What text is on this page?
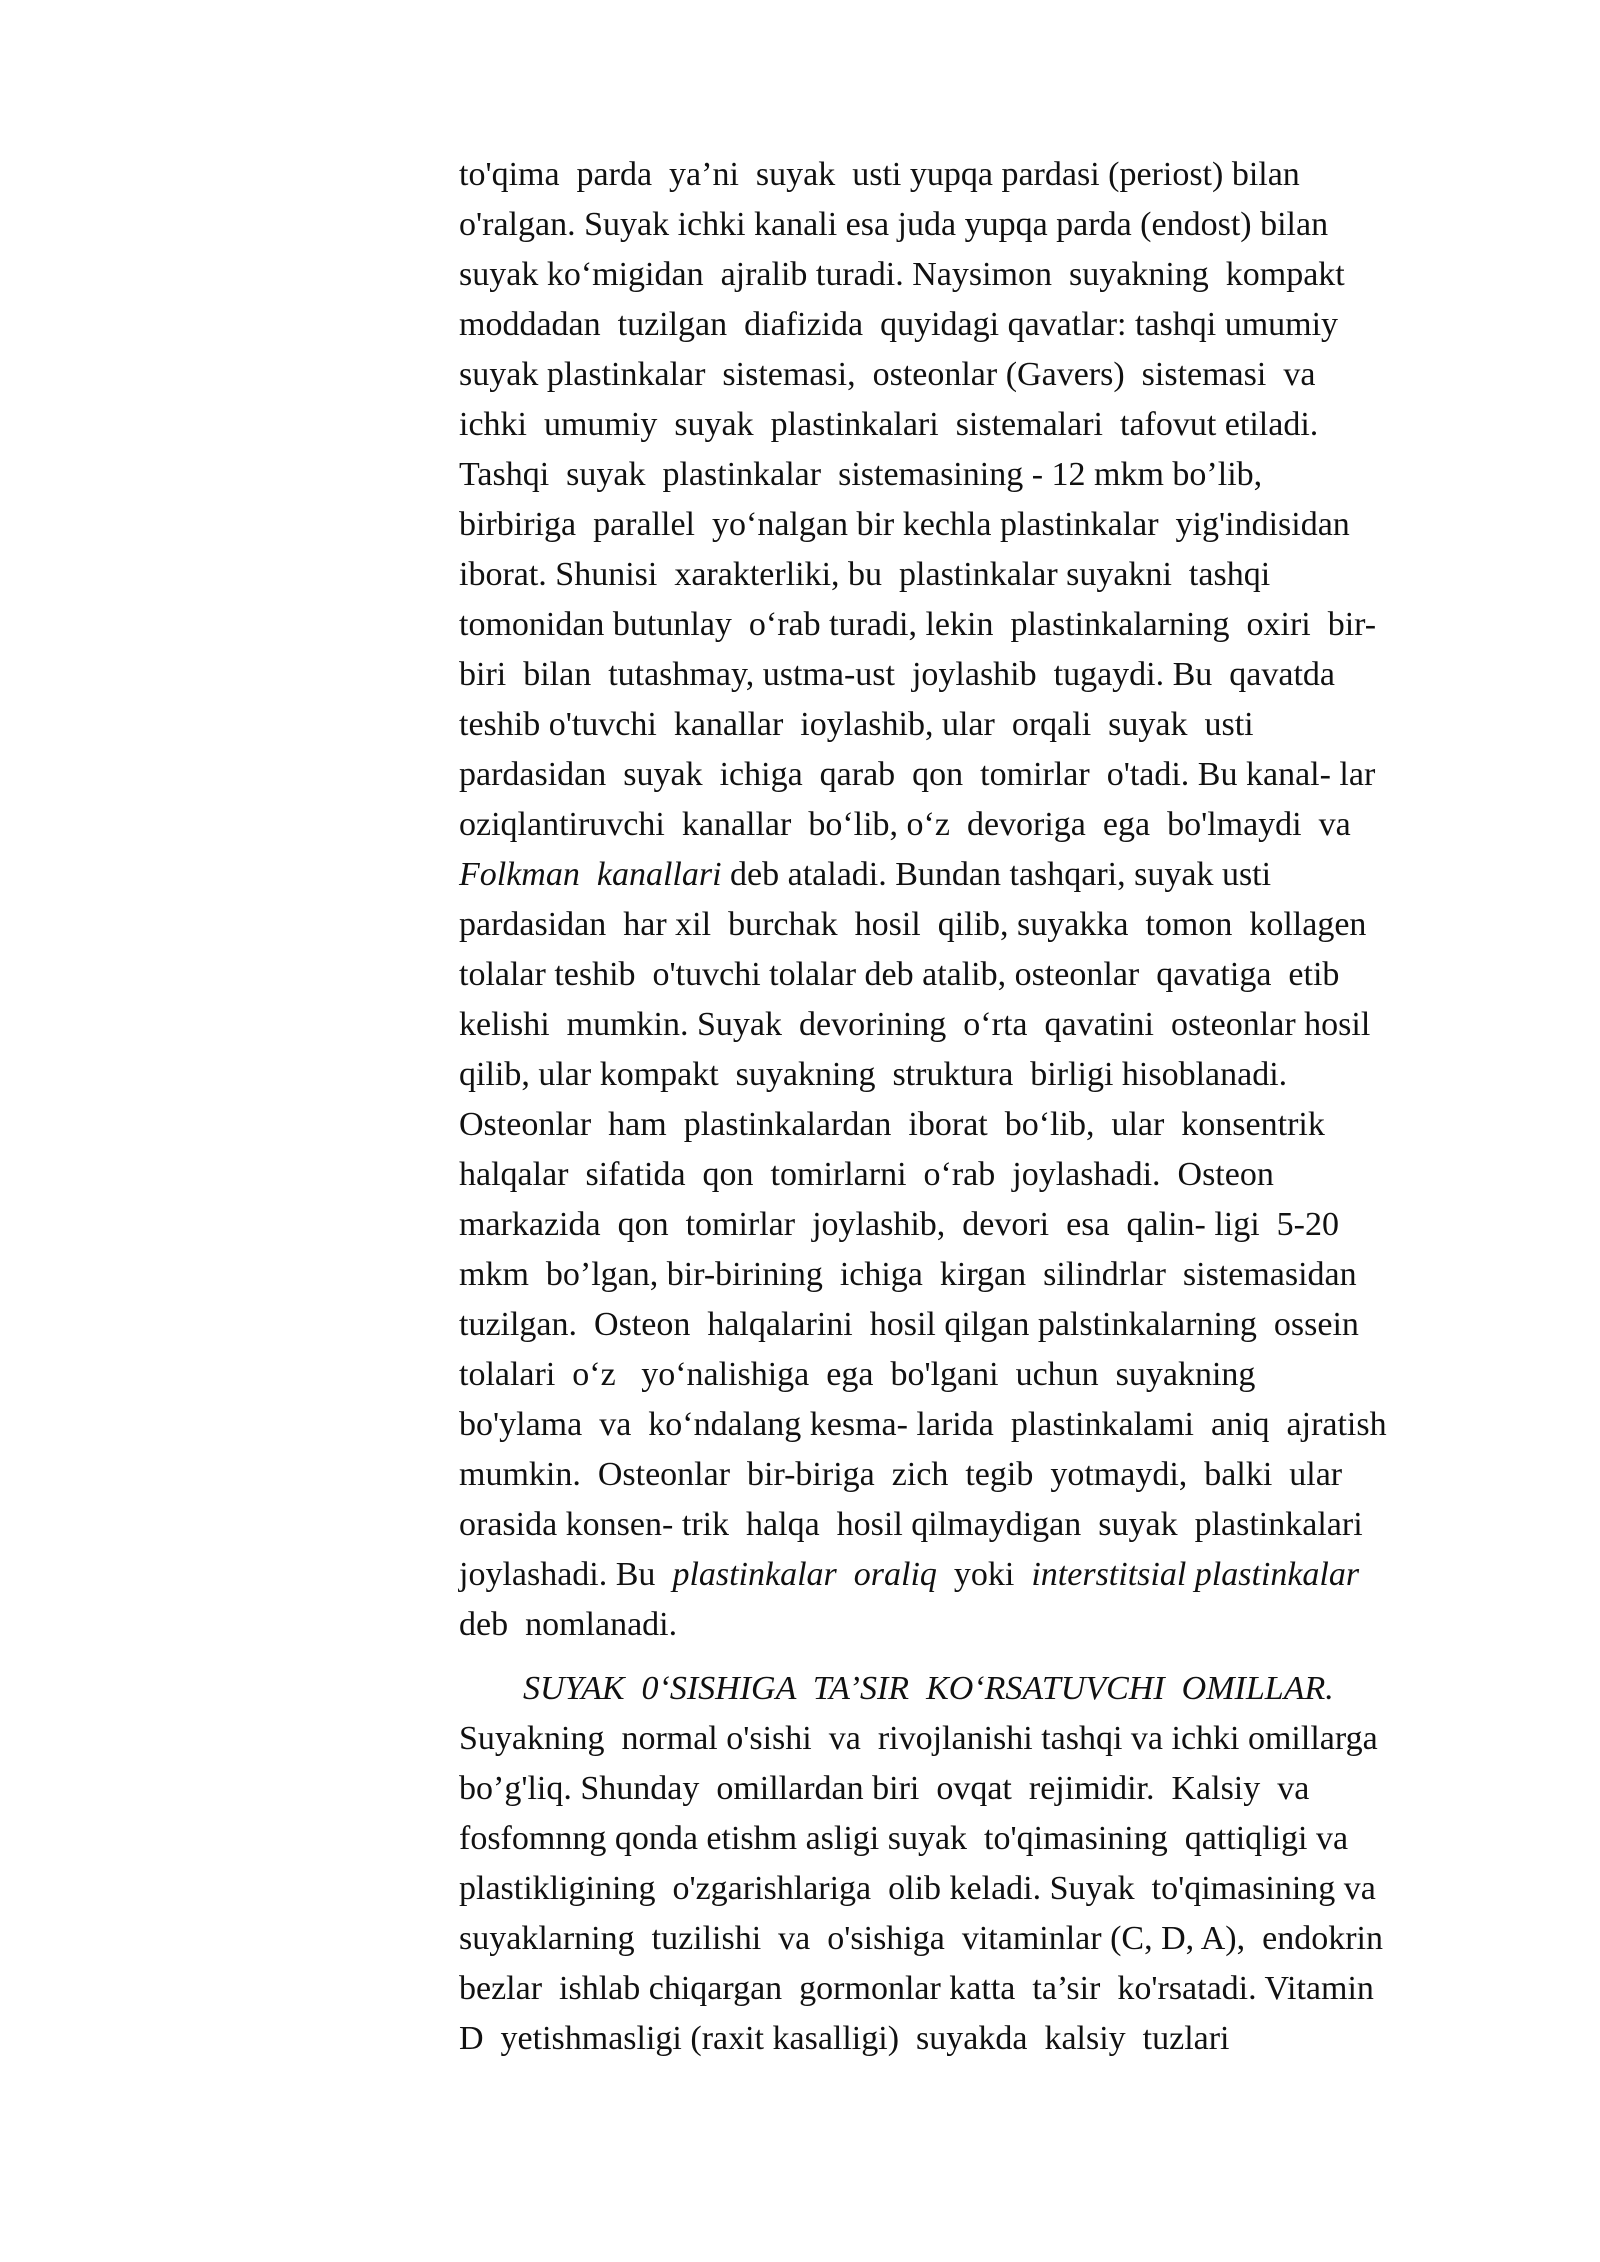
to'qima  parda  ya’ni  suyak  usti yupqa pardasi (periost) bilan
o'ralgan. Suyak ichki kanali esa juda yupqa parda (endost) bilan
suyak ko‘migidan  ajralib turadi. Naysimon  suyakning  kompakt
moddadan  tuzilgan  diafizida  quyidagi qavatlar: tashqi umumiy
suyak plastinkalar  sistemasi,  osteonlar (Gavers)  sistemasi  va
ichki  umumiy  suyak  plastinkalari  sistemalari  tafovut etiladi.
Tashqi  suyak  plastinkalar  sistemasining - 12 mkm bo’lib,
birbiriga  parallel  yo‘nalgan bir kechla plastinkalar  yig'indisidan
iborat. Shunisi  xarakterliki, bu  plastinkalar suyakni  tashqi
tomonidan butunlay  o‘rab turadi, lekin  plastinkalarning  oxiri  bir-
biri  bilan  tutashmay, ustma-ust  joylashib  tugaydi. Bu  qavatda
teshib o'tuvchi  kanallar  ioylashib, ular  orqali  suyak  usti
pardasidan  suyak  ichiga  qarab  qon  tomirlar  o'tadi. Bu kanal- lar
oziqlantiruvchi  kanallar  bo‘lib, o‘z  devoriga  ega  bo'lmaydi  va
Folkman  kanallari deb ataladi. Bundan tashqari, suyak usti
pardasidan  har xil  burchak  hosil  qilib, suyakka  tomon  kollagen
tolalar teshib  o'tuvchi tolalar deb atalib, osteonlar  qavatiga  etib
kelishi  mumkin. Suyak  devorining  o‘rta  qavatini  osteonlar hosil
qilib, ular kompakt  suyakning  struktura  birligi hisoblanadi.
Osteonlar  ham  plastinkalardan  iborat  bo‘lib,  ular  konsentrik
halqalar  sifatida  qon  tomirlarni  o‘rab  joylashadi.  Osteon
markazida  qon  tomirlar  joylashib,  devori  esa  qalin- ligi  5-20
mkm  bo’lgan, bir-birining  ichiga  kirgan  silindrlar  sistemasidan
tuzilgan.  Osteon  halqalarini  hosil qilgan palstinkalarning  ossein
tolalari  o‘z   yo‘nalishiga  ega  bo'lgani  uchun  suyakning
bo'ylama  va  ko‘ndalang kesma- larida  plastinkalami  aniq  ajratish
mumkin.  Osteonlar  bir-biriga  zich  tegib  yotmaydi,  balki  ular
orasida konsen- trik  halqa  hosil qilmaydigan  suyak  plastinkalari
joylashadi. Bu  plastinkalar  oraliq  yoki  interstitsial plastinkalar
deb  nomlanadi.
SUYAK  0‘SISHIGA  TA’SIR  KO‘RSATUVCHI  OMILLAR.
Suyakning  normal o'sishi  va  rivojlanishi tashqi va ichki omillarga
bo’g'liq. Shunday  omillardan biri  ovqat  rejimidir.  Kalsiy  va
fosfomnng qonda etishm asligi suyak  to'qimasining  qattiqligi va
plastikligining  o'zgarishlariga  olib keladi. Suyak  to'qimasining va
suyaklarning  tuzilishi  va  o'sishiga  vitaminlar (C, D, A),  endokrin
bezlar  ishlab chiqargan  gormonlar katta  ta’sir  ko'rsatadi. Vitamin
D  yetishmasligi (raxit kasalligi)  suyakda  kalsiy  tuzlari
